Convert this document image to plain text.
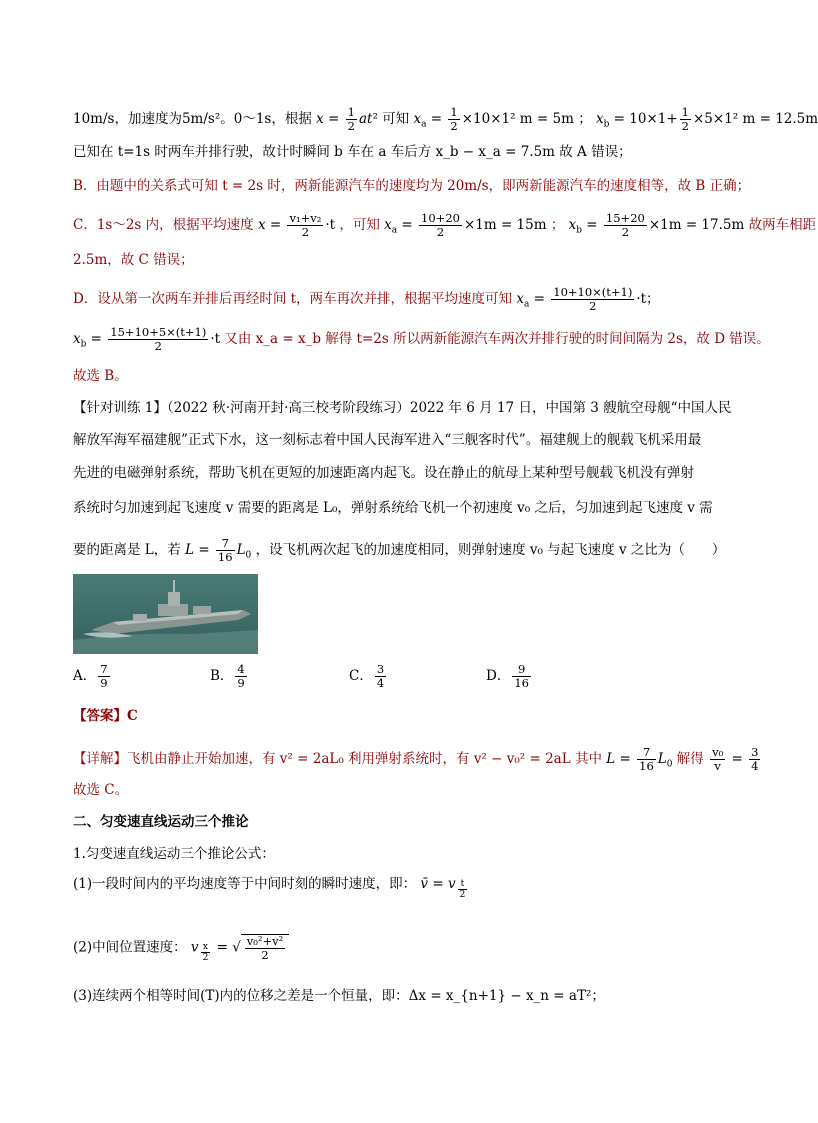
10m/s，加速度为5m/s²。0～1s，根据 $x = \frac{1}{2} at^2$ 可知 $x_a = \frac{1}{2} \times 10\times 1^2$ m = 5m ； $x_b = 10\times 1+ \frac{1}{2} \times 5\times 1^2$ m = 12.5m
已知在 t=1s 时两车并排行驶，故计时瞬间 b 车在 a 车后方 x_b − x_a = 7.5m 故 A 错误；
B．由题中的关系式可知 t = 2s 时，两新能源汽车的速度均为 20m/s，即两新能源汽车的速度相等，故 B 正确；
C．1s～2s 内，根据平均速度 $x = \frac{\text{v₁+v₂}}{2} \cdot t$ ，可知 $x_a = \frac{10+20}{2} \times 1m = 15m$ ； $x_b = \frac{15+20}{2} \times 1m = 17.5m$ 故两车相距
2.5m，故 C 错误；
D．设从第一次两车并排后再经时间 t，两车再次并排，根据平均速度可知 $x_a = \frac{10+10\times(t+1)}{2} \cdot t$；
$x_b = \frac{15+10+5\times(t+1)}{2} \cdot t$ 又由 x_a = x_b 解得 t=2s 所以两新能源汽车两次并排行驶的时间间隔为 2s，故 D 错误。
故选 B。
【针对训练 1】（2022 秋·河南开封·高三校考阶段练习）2022 年 6 月 17 日，中国第 3 艘航空母舰“中国人民
解放军海军福建舰”正式下水，这一刻标志着中国人民海军进入“三舰客时代”。福建舰上的舰载飞机采用最
先进的电磁弹射系统，帮助飞机在更短的加速距离内起飞。设在静止的航母上某种型号舰载飞机没有弹射
系统时匀加速到起飞速度 v 需要的距离是 L₀，弹射系统给飞机一个初速度 v₀ 之后，匀加速到起飞速度 v 需
要的距离是 L，若 $L = \frac{7}{16} L_0$ ，设飞机两次起飞的加速度相同，则弹射速度 v₀ 与起飞速度 v 之比为（　　）
A． $\frac{7}{9}$	B． $\frac{4}{9}$	C． $\frac{3}{4}$	D． $\frac{9}{16}$
【答案】C
【详解】飞机由静止开始加速，有 v² = 2aL₀ 利用弹射系统时，有 v² − v₀² = 2aL 其中 $L = \frac{7}{16} L_0$ 解得 $\frac{\text{v₀}}{v} = \frac{3}{4}$
故选 C。
二、匀变速直线运动三个推论
1.匀变速直线运动三个推论公式：
(1)一段时间内的平均速度等于中间时刻的瞬时速度，即： v̄ = v $_{\frac{t}{2}}$
(2)中间位置速度： v $_{\frac{x}{2}}$ = √ $\frac{\text{v₀²+v²}}{2}$
(3)连续两个相等时间(T)内的位移之差是一个恒量，即：Δx = x_{n+1} − x_n = aT²；
